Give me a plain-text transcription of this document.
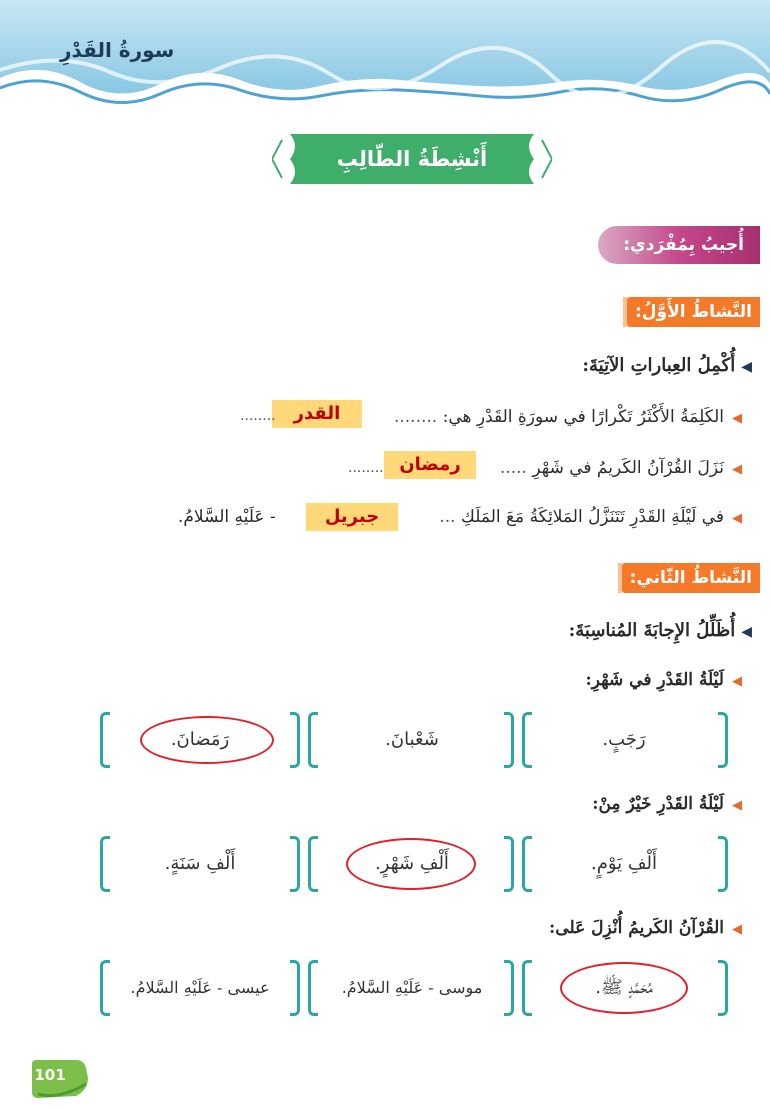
سورةُ القَدْرِ
أَنْشِطَةُ الطّالِبِ
أُجيبُ بِمُفْرَدي:
النَّشاطُ الأَوَّلُ:
◀أُكْمِلُ العِباراتِ الآتِيَةَ:
◀الكَلِمَةُ الأَكْثَرُ تَكْرارًا في سورَةِ القَدْرِ هي: ........
القدر
........
◀نَزَلَ القُرْآنُ الكَريمُ في شَهْرِ .....
رمضان
........
◀في لَيْلَةِ القَدْرِ تَتَنَزَّلُ المَلائِكَةُ مَعَ المَلَكِ ...
جبريل
- عَلَيْهِ السَّلامُ.
النَّشاطُ الثّاني:
◀أُظَلِّلُ الإِجابَةَ المُناسِبَةَ:
◀لَيْلَةُ القَدْرِ في شَهْرِ:
رَجَبٍ.
شَعْبانَ.
رَمَضانَ.
◀لَيْلَةُ القَدْرِ خَيْرٌ مِنْ:
أَلْفِ يَوْمٍ.
أَلْفِ شَهْرٍ.
أَلْفِ سَنَةٍ.
◀القُرْآنُ الكَريمُ أُنْزِلَ عَلى:
مُحَمَّدٍ ﷺ.
موسى - عَلَيْهِ السَّلامُ.
عيسى - عَلَيْهِ السَّلامُ.
101
